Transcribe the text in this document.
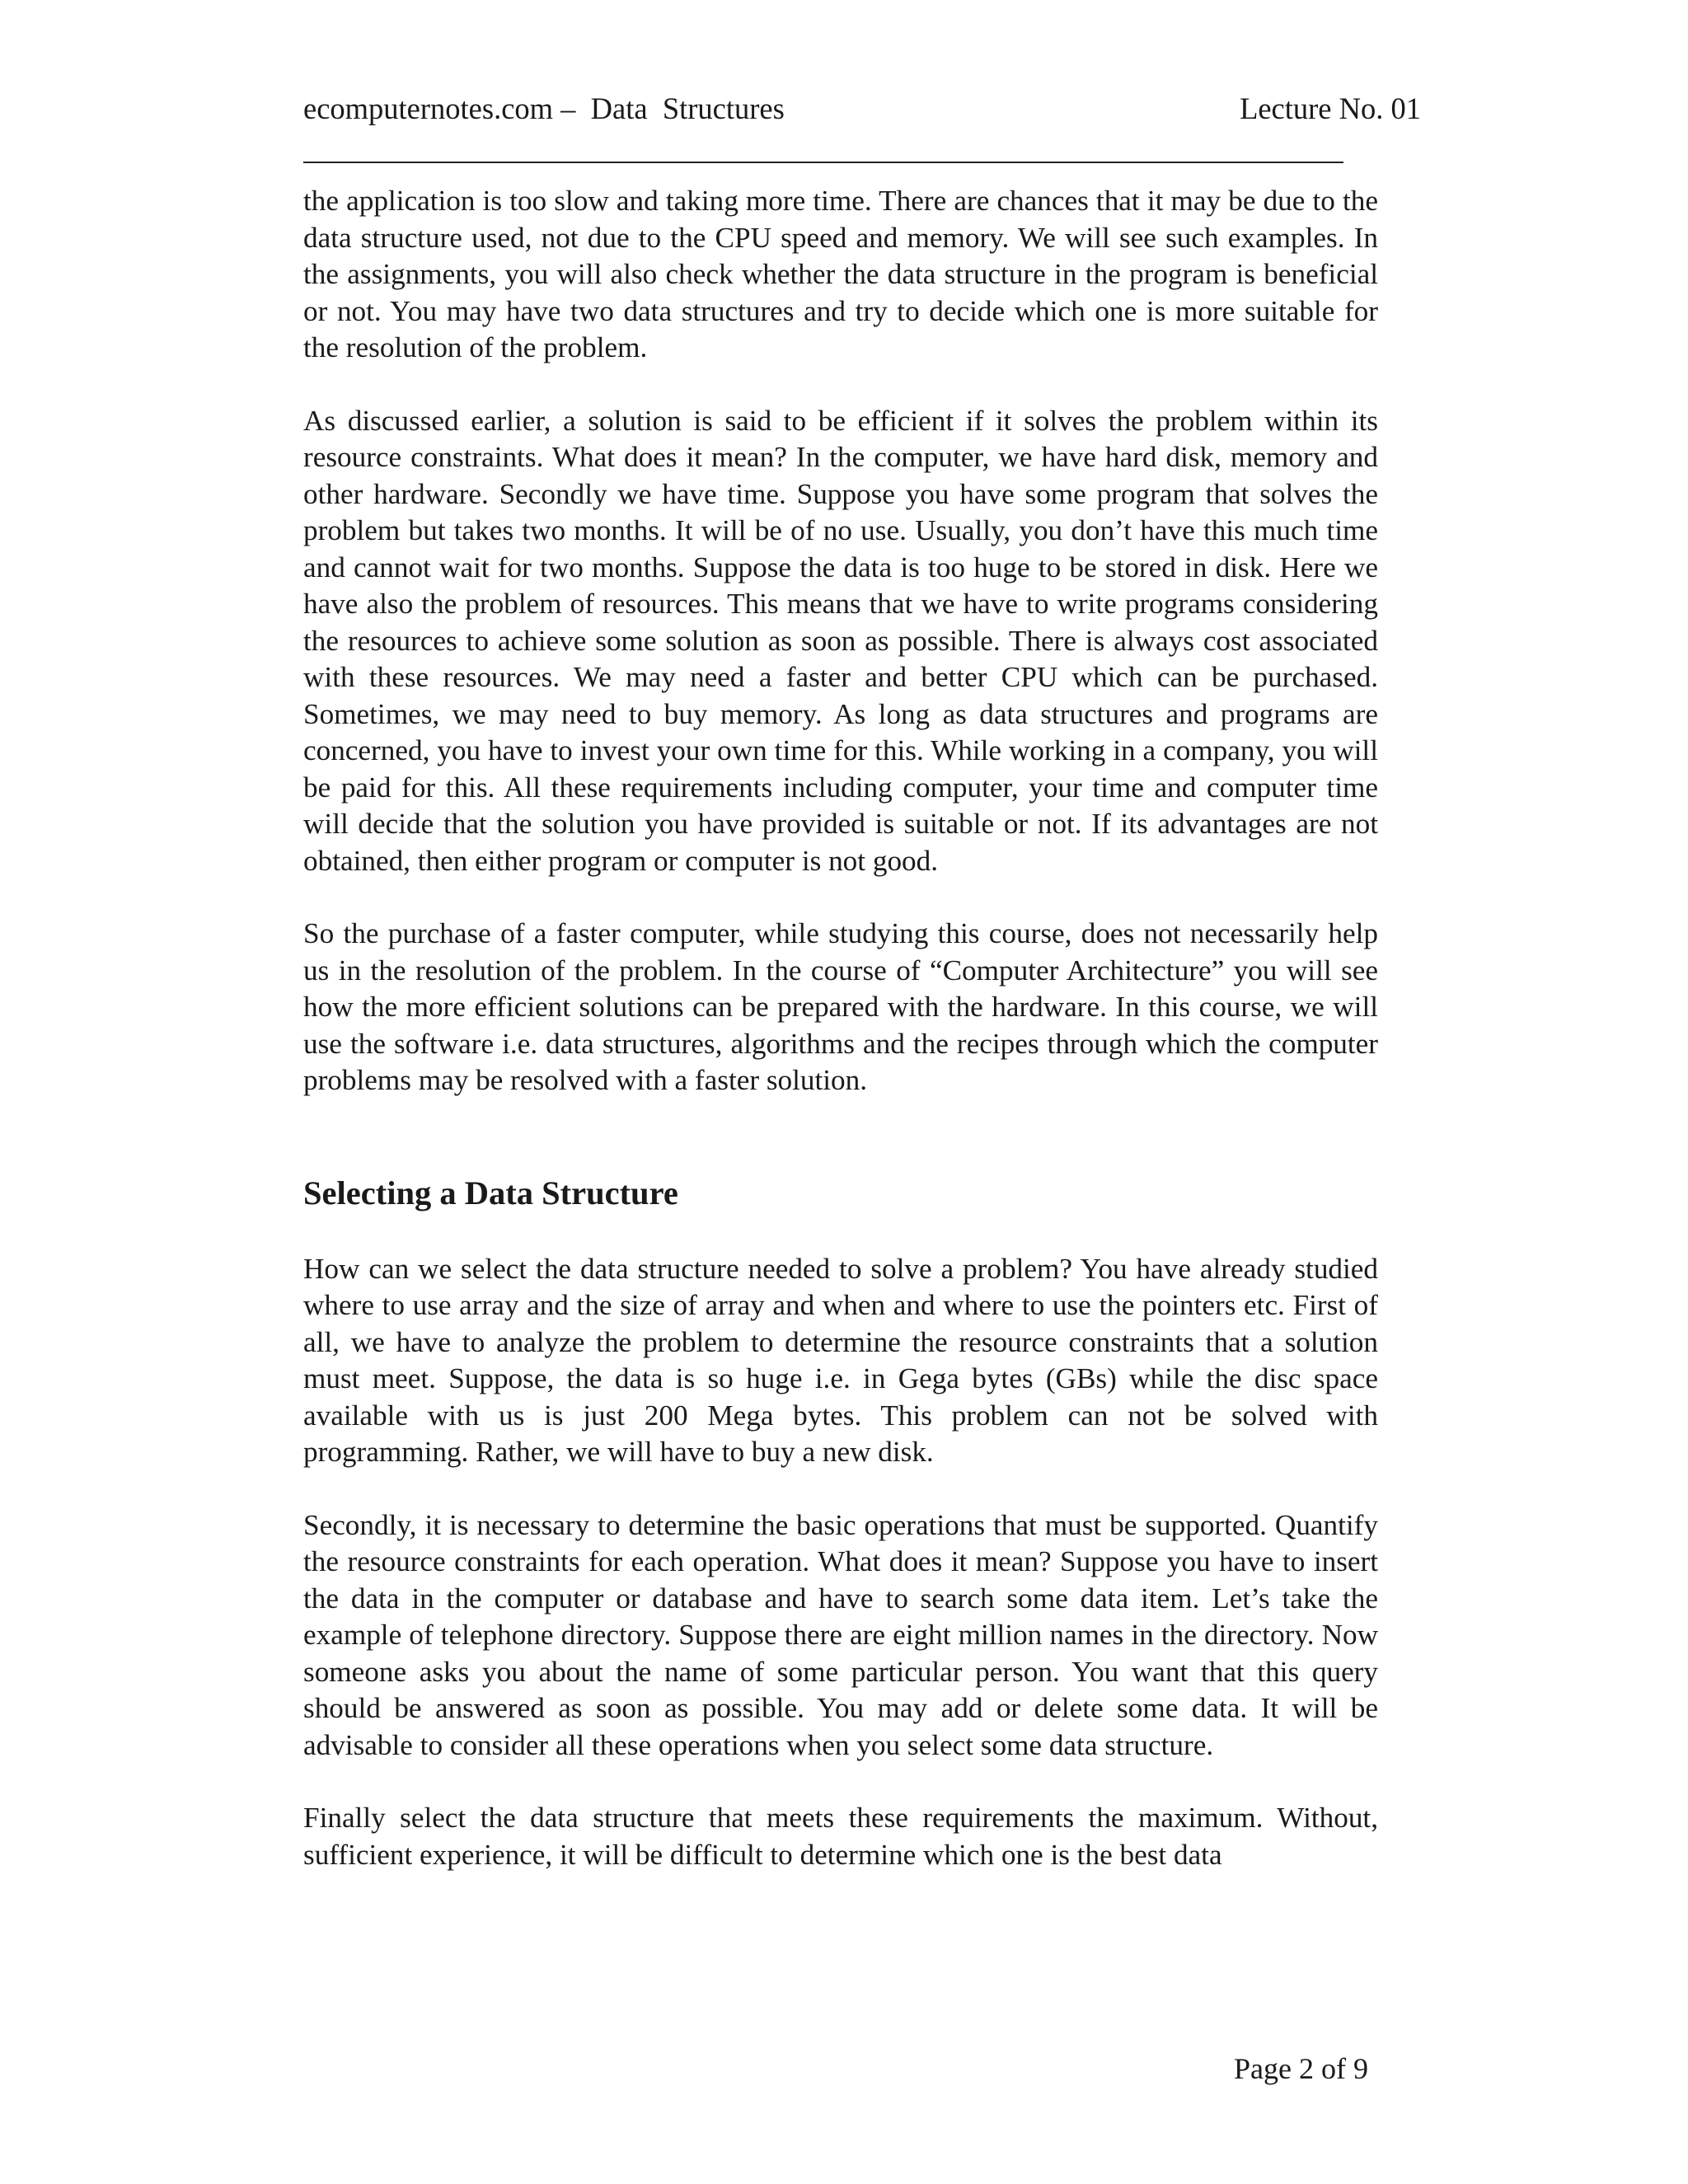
ecomputernotes.com –  Data  Structures	Lecture No. 01

the application is too slow and taking more time. There are chances that it may be due to the data structure used, not due to the CPU speed and memory. We will see such examples. In the assignments, you will also check whether the data structure in the program is beneficial or not. You may have two data structures and try to decide which one is more suitable for the resolution of the problem.

As discussed earlier, a solution is said to be efficient if it solves the problem within its resource constraints. What does it mean? In the computer, we have hard disk, memory and other hardware. Secondly we have time. Suppose you have some program that solves the problem but takes two months. It will be of no use. Usually, you don’t have this much time and cannot wait for two months. Suppose the data is too huge to be stored in disk. Here we have also the problem of resources. This means that we have to write programs considering the resources to achieve some solution as soon as possible. There is always cost associated with these resources. We may need a faster and better CPU which can be purchased. Sometimes, we may need to buy memory. As long as data structures and programs are concerned, you have to invest your own time for this. While working in a company, you will be paid for this. All these requirements including computer, your time and computer time will decide that the solution you have provided is suitable or not. If its advantages are not obtained, then either program or computer is not good.

So the purchase of a faster computer, while studying this course, does not necessarily help us in the resolution of the problem. In the course of “Computer Architecture” you will see how the more efficient solutions can be prepared with the hardware. In this course, we will use the software i.e. data structures, algorithms and the recipes through which the computer problems may be resolved with a faster solution.

Selecting a Data Structure

How can we select the data structure needed to solve a problem? You have already studied where to use array and the size of array and when and where to use the pointers etc. First of all, we have to analyze the problem to determine the resource constraints that a solution must meet. Suppose, the data is so huge i.e. in Gega bytes (GBs) while the disc space available with us is just 200 Mega bytes. This problem can not be solved with programming. Rather, we will have to buy a new disk.

Secondly, it is necessary to determine the basic operations that must be supported. Quantify the resource constraints for each operation. What does it mean? Suppose you have to insert the data in the computer or database and have to search some data item. Let’s take the example of telephone directory. Suppose there are eight million names in the directory. Now someone asks you about the name of some particular person. You want that this query should be answered as soon as possible. You may add or delete some data. It will be advisable to consider all these operations when you select some data structure.

Finally select the data structure that meets these requirements the maximum. Without, sufficient experience, it will be difficult to determine which one is the best data

Page 2 of 9
